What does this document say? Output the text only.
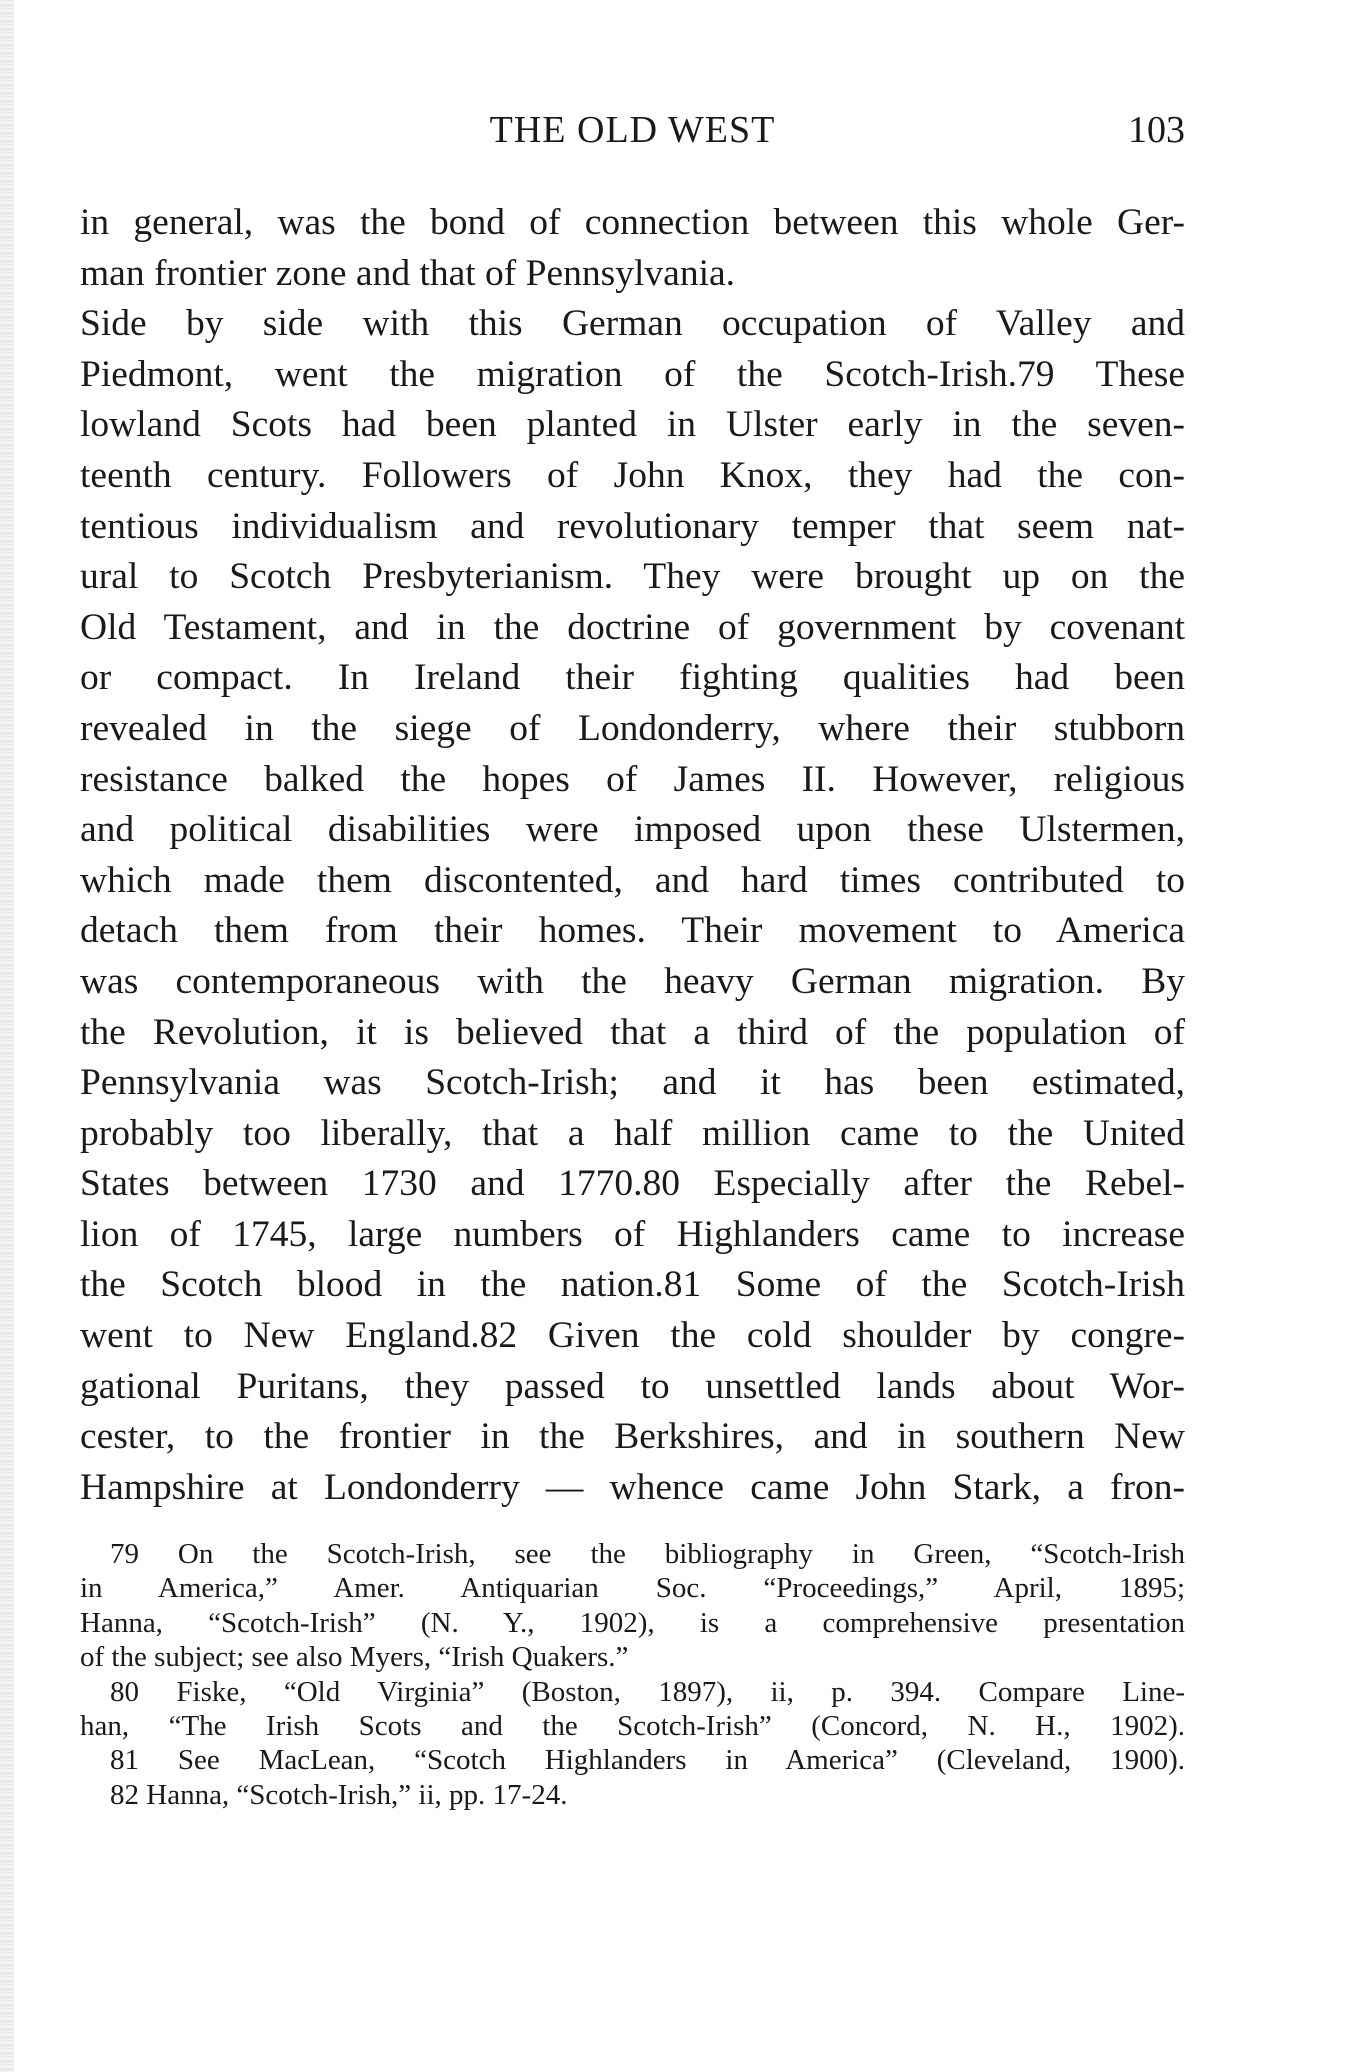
THE OLD WEST	103
in general, was the bond of connection between this whole Ger-
man frontier zone and that of Pennsylvania.
Side by side with this German occupation of Valley and
Piedmont, went the migration of the Scotch-Irish.79 These
lowland Scots had been planted in Ulster early in the seven-
teenth century. Followers of John Knox, they had the con-
tentious individualism and revolutionary temper that seem nat-
ural to Scotch Presbyterianism. They were brought up on the
Old Testament, and in the doctrine of government by covenant
or compact. In Ireland their fighting qualities had been
revealed in the siege of Londonderry, where their stubborn
resistance balked the hopes of James II. However, religious
and political disabilities were imposed upon these Ulstermen,
which made them discontented, and hard times contributed to
detach them from their homes. Their movement to America
was contemporaneous with the heavy German migration. By
the Revolution, it is believed that a third of the population of
Pennsylvania was Scotch-Irish; and it has been estimated,
probably too liberally, that a half million came to the United
States between 1730 and 1770.80 Especially after the Rebel-
lion of 1745, large numbers of Highlanders came to increase
the Scotch blood in the nation.81 Some of the Scotch-Irish
went to New England.82 Given the cold shoulder by congre-
gational Puritans, they passed to unsettled lands about Wor-
cester, to the frontier in the Berkshires, and in southern New
Hampshire at Londonderry — whence came John Stark, a fron-
79 On the Scotch-Irish, see the bibliography in Green, “Scotch-Irish
in America,” Amer. Antiquarian Soc. “Proceedings,” April, 1895;
Hanna, “Scotch-Irish” (N. Y., 1902), is a comprehensive presentation
of the subject; see also Myers, “Irish Quakers.”
80 Fiske, “Old Virginia” (Boston, 1897), ii, p. 394. Compare Line-
han, “The Irish Scots and the Scotch-Irish” (Concord, N. H., 1902).
81 See MacLean, “Scotch Highlanders in America” (Cleveland, 1900).
82 Hanna, “Scotch-Irish,” ii, pp. 17-24.
